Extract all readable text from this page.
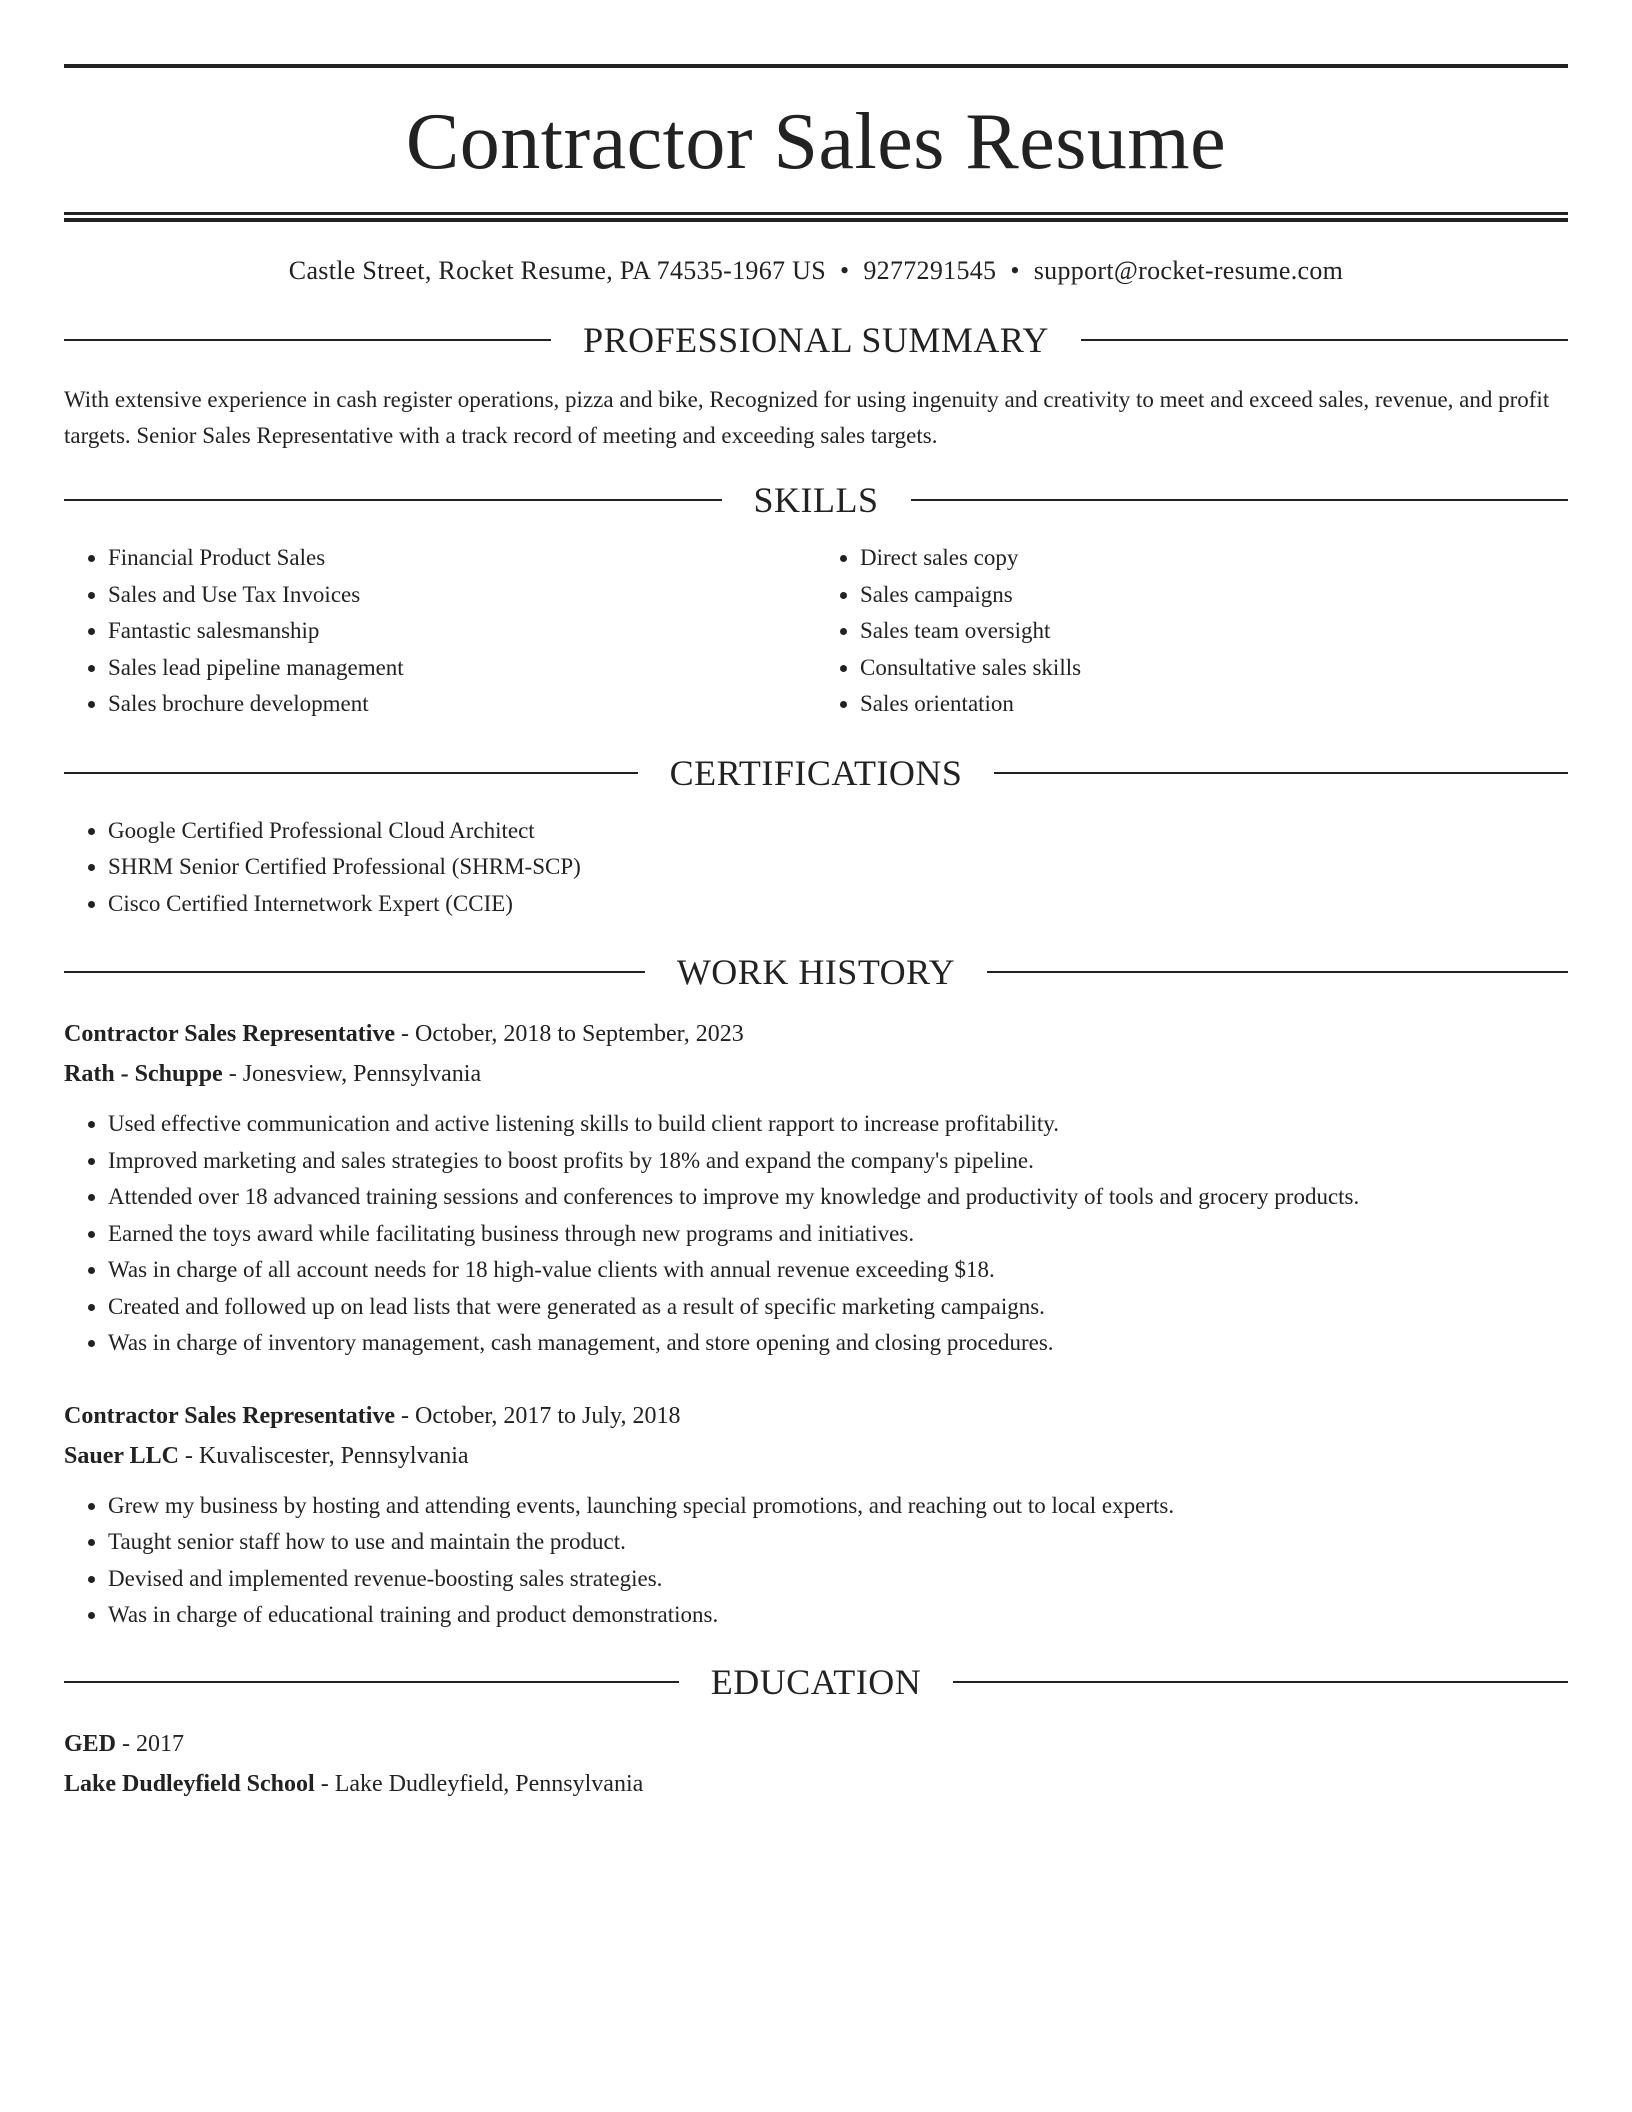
Contractor Sales Resume
Castle Street, Rocket Resume, PA 74535-1967 US • 9277291545 • support@rocket-resume.com
PROFESSIONAL SUMMARY
With extensive experience in cash register operations, pizza and bike, Recognized for using ingenuity and creativity to meet and exceed sales, revenue, and profit targets. Senior Sales Representative with a track record of meeting and exceeding sales targets.
SKILLS
• Financial Product Sales
• Sales and Use Tax Invoices
• Fantastic salesmanship
• Sales lead pipeline management
• Sales brochure development
• Direct sales copy
• Sales campaigns
• Sales team oversight
• Consultative sales skills
• Sales orientation
CERTIFICATIONS
• Google Certified Professional Cloud Architect
• SHRM Senior Certified Professional (SHRM-SCP)
• Cisco Certified Internetwork Expert (CCIE)
WORK HISTORY
Contractor Sales Representative - October, 2018 to September, 2023
Rath - Schuppe - Jonesview, Pennsylvania
• Used effective communication and active listening skills to build client rapport to increase profitability.
• Improved marketing and sales strategies to boost profits by 18% and expand the company's pipeline.
• Attended over 18 advanced training sessions and conferences to improve my knowledge and productivity of tools and grocery products.
• Earned the toys award while facilitating business through new programs and initiatives.
• Was in charge of all account needs for 18 high-value clients with annual revenue exceeding $18.
• Created and followed up on lead lists that were generated as a result of specific marketing campaigns.
• Was in charge of inventory management, cash management, and store opening and closing procedures.
Contractor Sales Representative - October, 2017 to July, 2018
Sauer LLC - Kuvaliscester, Pennsylvania
• Grew my business by hosting and attending events, launching special promotions, and reaching out to local experts.
• Taught senior staff how to use and maintain the product.
• Devised and implemented revenue-boosting sales strategies.
• Was in charge of educational training and product demonstrations.
EDUCATION
GED - 2017
Lake Dudleyfield School - Lake Dudleyfield, Pennsylvania
